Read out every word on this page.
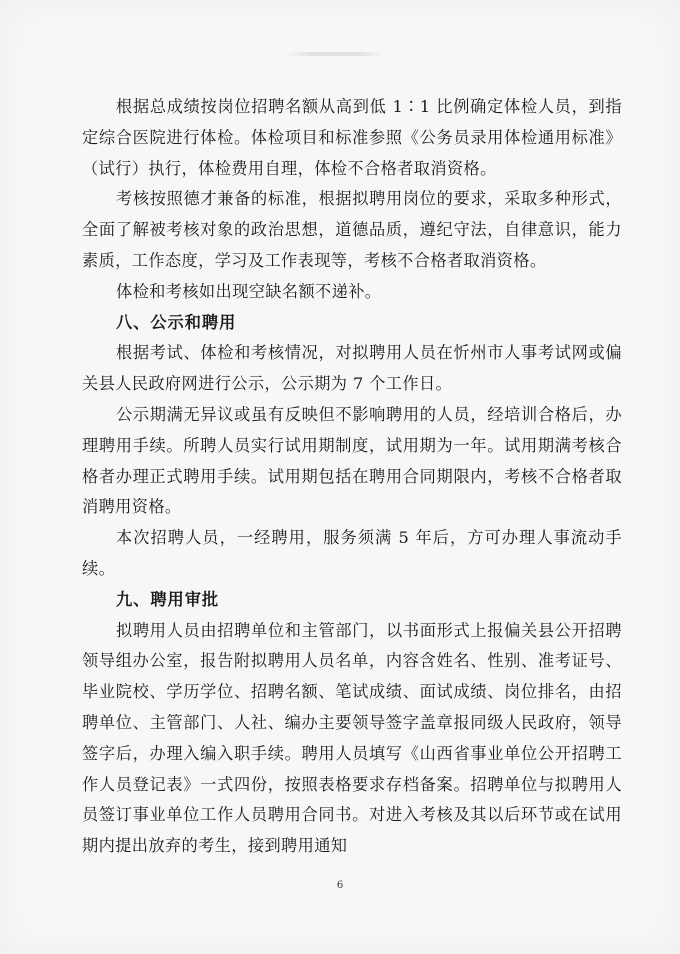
根据总成绩按岗位招聘名额从高到低 1∶1 比例确定体检人员，到指定综合医院进行体检。体检项目和标准参照《公务员录用体检通用标准》（试行）执行，体检费用自理，体检不合格者取消资格。

考核按照德才兼备的标准，根据拟聘用岗位的要求，采取多种形式，全面了解被考核对象的政治思想，道德品质，遵纪守法，自律意识，能力素质，工作态度，学习及工作表现等，考核不合格者取消资格。

体检和考核如出现空缺名额不递补。

八、公示和聘用

根据考试、体检和考核情况，对拟聘用人员在忻州市人事考试网或偏关县人民政府网进行公示，公示期为 7 个工作日。

公示期满无异议或虽有反映但不影响聘用的人员，经培训合格后，办理聘用手续。所聘人员实行试用期制度，试用期为一年。试用期满考核合格者办理正式聘用手续。试用期包括在聘用合同期限内，考核不合格者取消聘用资格。

本次招聘人员，一经聘用，服务须满 5 年后，方可办理人事流动手续。

九、聘用审批

拟聘用人员由招聘单位和主管部门，以书面形式上报偏关县公开招聘领导组办公室，报告附拟聘用人员名单，内容含姓名、性别、准考证号、毕业院校、学历学位、招聘名额、笔试成绩、面试成绩、岗位排名，由招聘单位、主管部门、人社、编办主要领导签字盖章报同级人民政府，领导签字后，办理入编入职手续。聘用人员填写《山西省事业单位公开招聘工作人员登记表》一式四份，按照表格要求存档备案。招聘单位与拟聘用人员签订事业单位工作人员聘用合同书。对进入考核及其以后环节或在试用期内提出放弃的考生，接到聘用通知

6
